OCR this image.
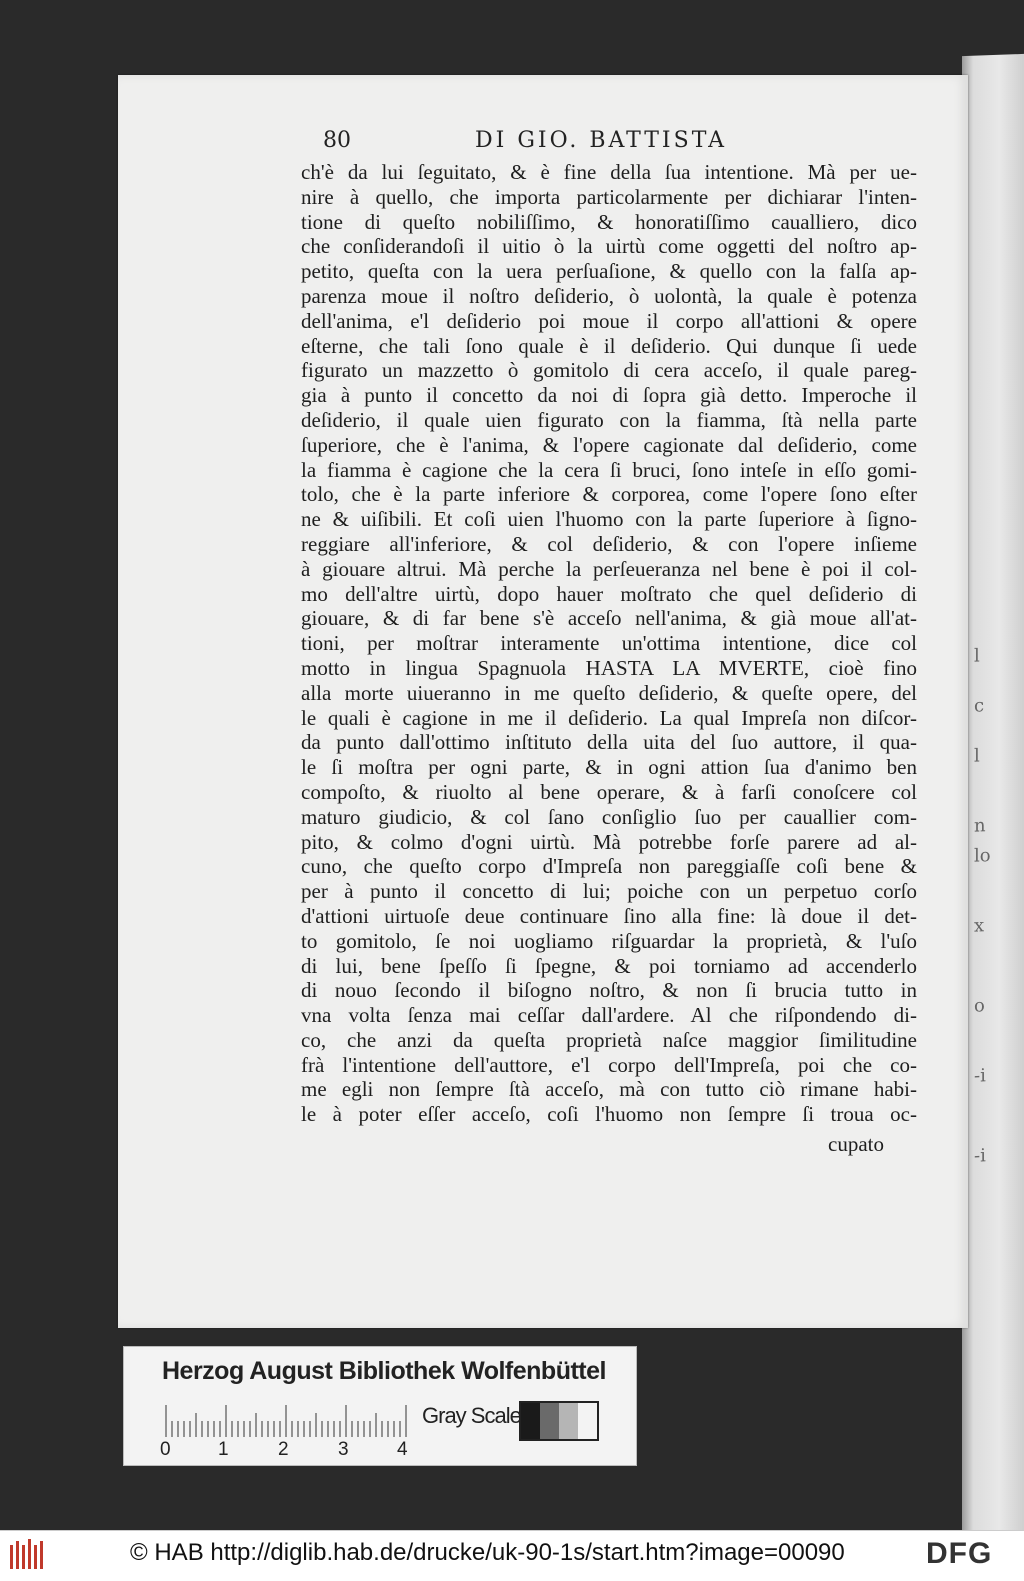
l
c
l
n
lo
x
o
-i
-i
80	DI GIO. BATTISTA
ch'è da lui ſeguitato, & è fine della ſua intentione. Mà per ue-
nire à quello, che importa particolarmente per dichiarar l'inten-
tione di queſto nobiliſſimo, & honoratiſſimo caualliero, dico
che conſiderandoſi il uitio ò la uirtù come oggetti del noſtro ap-
petito, queſta con la uera perſuaſione, & quello con la falſa ap-
parenza moue il noſtro deſiderio, ò uolontà, la quale è potenza
dell'anima, e'l deſiderio poi moue il corpo all'attioni & opere
eſterne, che tali ſono quale è il deſiderio. Qui dunque ſi uede
figurato un mazzetto ò gomitolo di cera acceſo, il quale pareg-
gia à punto il concetto da noi di ſopra già detto. Imperoche il
deſiderio, il quale uien figurato con la fiamma, ſtà nella parte
ſuperiore, che è l'anima, & l'opere cagionate dal deſiderio, come
la fiamma è cagione che la cera ſi bruci, ſono inteſe in eſſo gomi-
tolo, che è la parte inferiore & corporea, come l'opere ſono eſter
ne & uiſibili. Et coſi uien l'huomo con la parte ſuperiore à ſigno-
reggiare all'inferiore, & col deſiderio, & con l'opere inſieme
à giouare altrui. Mà perche la perſeueranza nel bene è poi il col-
mo dell'altre uirtù, dopo hauer moſtrato che quel deſiderio di
giouare, & di far bene s'è acceſo nell'anima, & già moue all'at-
tioni, per moſtrar interamente un'ottima intentione, dice col
motto in lingua Spagnuola HASTA LA MVERTE, cioè fino
alla morte uiueranno in me queſto deſiderio, & queſte opere, del
le quali è cagione in me il deſiderio. La qual Impreſa non diſcor-
da punto dall'ottimo inſtituto della uita del ſuo auttore, il qua-
le ſi moſtra per ogni parte, & in ogni attion ſua d'animo ben
compoſto, & riuolto al bene operare, & à farſi conoſcere col
maturo giudicio, & col ſano conſiglio ſuo per cauallier com-
pito, & colmo d'ogni uirtù. Mà potrebbe forſe parere ad al-
cuno, che queſto corpo d'Impreſa non pareggiaſſe coſi bene &
per à punto il concetto di lui; poiche con un perpetuo corſo
d'attioni uirtuoſe deue continuare ſino alla fine: là doue il det-
to gomitolo, ſe noi uogliamo riſguardar la proprietà, & l'uſo
di lui, bene ſpeſſo ſi ſpegne, & poi torniamo ad accenderlo
di nouo ſecondo il biſogno noſtro, & non ſi brucia tutto in
vna volta ſenza mai ceſſar dall'ardere. Al che riſpondendo di-
co, che anzi da queſta proprietà naſce maggior ſimilitudine
frà l'intentione dell'auttore, e'l corpo dell'Impreſa, poi che co-
me egli non ſempre ſtà acceſo, mà con tutto ciò rimane habi-
le à poter eſſer acceſo, coſi l'huomo non ſempre ſi troua oc-
cupato
Herzog August Bibliothek Wolfenbüttel
0 1	2	3	4
Gray Scale
© HAB http://diglib.hab.de/drucke/uk-90-1s/start.htm?image=00090	DFG
